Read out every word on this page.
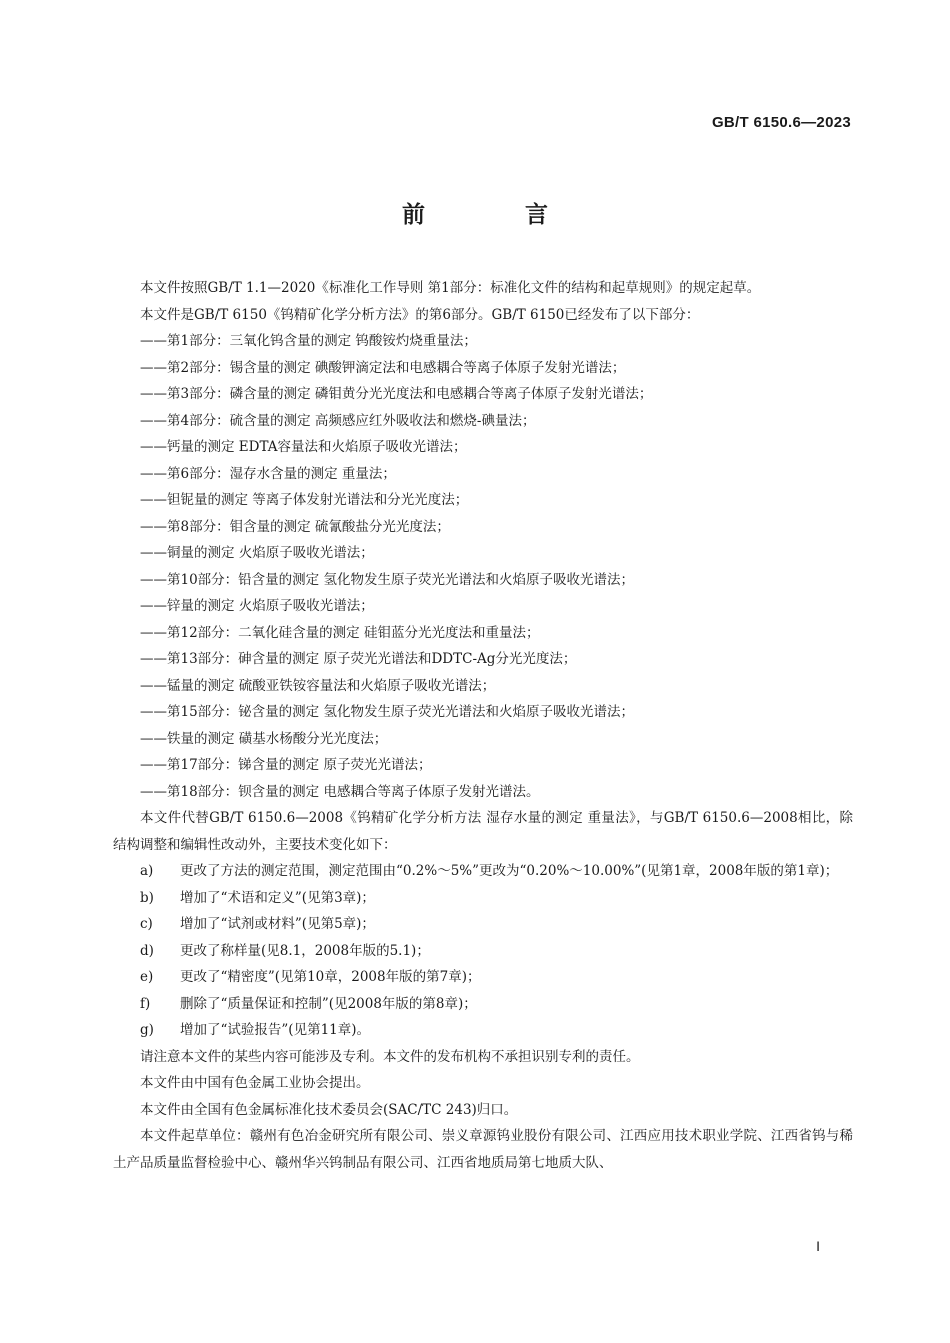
GB/T 6150.6—2023
前 言

本文件按照GB/T 1.1—2020《标准化工作导则 第1部分：标准化文件的结构和起草规则》的规定起草。

本文件是GB/T 6150《钨精矿化学分析方法》的第6部分。GB/T 6150已经发布了以下部分：

——第1部分：三氧化钨含量的测定 钨酸铵灼烧重量法；

——第2部分：锡含量的测定 碘酸钾滴定法和电感耦合等离子体原子发射光谱法；

——第3部分：磷含量的测定 磷钼黄分光光度法和电感耦合等离子体原子发射光谱法；

——第4部分：硫含量的测定 高频感应红外吸收法和燃烧-碘量法；

——钙量的测定 EDTA容量法和火焰原子吸收光谱法；

——第6部分：湿存水含量的测定 重量法；

——钽铌量的测定 等离子体发射光谱法和分光光度法；

——第8部分：钼含量的测定 硫氰酸盐分光光度法；

——铜量的测定 火焰原子吸收光谱法；

——第10部分：铅含量的测定 氢化物发生原子荧光光谱法和火焰原子吸收光谱法；

——锌量的测定 火焰原子吸收光谱法；

——第12部分：二氧化硅含量的测定 硅钼蓝分光光度法和重量法；

——第13部分：砷含量的测定 原子荧光光谱法和DDTC-Ag分光光度法；

——锰量的测定 硫酸亚铁铵容量法和火焰原子吸收光谱法；

——第15部分：铋含量的测定 氢化物发生原子荧光光谱法和火焰原子吸收光谱法；

——铁量的测定 磺基水杨酸分光光度法；

——第17部分：锑含量的测定 原子荧光光谱法；

——第18部分：钡含量的测定 电感耦合等离子体原子发射光谱法。

本文件代替GB/T 6150.6—2008《钨精矿化学分析方法 湿存水量的测定 重量法》，与GB/T 6150.6—2008相比，除结构调整和编辑性改动外，主要技术变化如下：

a)	更改了方法的测定范围，测定范围由“0.2%～5%”更改为“0.20%～10.00%”(见第1章，2008年版的第1章)；
b)	增加了“术语和定义”(见第3章)；
c)	增加了“试剂或材料”(见第5章)；
d)	更改了称样量(见8.1，2008年版的5.1)；
e)	更改了“精密度”(见第10章，2008年版的第7章)；
f)	删除了“质量保证和控制”(见2008年版的第8章)；
g)	增加了“试验报告”(见第11章)。

请注意本文件的某些内容可能涉及专利。本文件的发布机构不承担识别专利的责任。

本文件由中国有色金属工业协会提出。

本文件由全国有色金属标准化技术委员会(SAC/TC 243)归口。

本文件起草单位：赣州有色冶金研究所有限公司、崇义章源钨业股份有限公司、江西应用技术职业学院、江西省钨与稀土产品质量监督检验中心、赣州华兴钨制品有限公司、江西省地质局第七地质大队、

I
